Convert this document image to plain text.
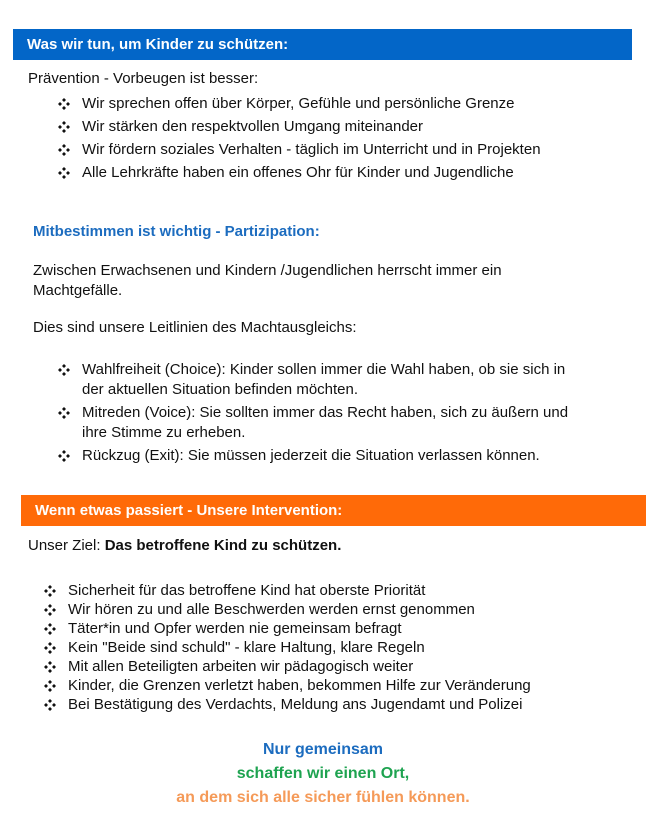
Was wir tun, um Kinder zu schützen:
Prävention - Vorbeugen ist besser:
Wir sprechen offen über Körper, Gefühle und persönliche Grenze
Wir stärken den respektvollen Umgang miteinander
Wir fördern soziales Verhalten - täglich im Unterricht und in Projekten
Alle Lehrkräfte haben ein offenes Ohr für Kinder und Jugendliche
Mitbestimmen ist wichtig - Partizipation:
Zwischen Erwachsenen und Kindern /Jugendlichen herrscht immer ein
Machtgefälle.
Dies sind unsere Leitlinien des Machtausgleichs:
Wahlfreiheit (Choice): Kinder sollen immer die Wahl haben, ob sie sich in
der aktuellen Situation befinden möchten.
Mitreden (Voice): Sie sollten immer das Recht haben, sich zu äußern und
ihre Stimme zu erheben.
Rückzug (Exit): Sie müssen jederzeit die Situation verlassen können.
Wenn etwas passiert - Unsere Intervention:
Unser Ziel: Das betroffene Kind zu schützen.
Sicherheit für das betroffene Kind hat oberste Priorität
Wir hören zu und alle Beschwerden werden ernst genommen
Täter*in und Opfer werden nie gemeinsam befragt
Kein "Beide sind schuld" - klare Haltung, klare Regeln
Mit allen Beteiligten arbeiten wir pädagogisch weiter
Kinder, die Grenzen verletzt haben, bekommen Hilfe zur Veränderung
Bei Bestätigung des Verdachts, Meldung ans Jugendamt und Polizei
Nur gemeinsam
schaffen wir einen Ort,
an dem sich alle sicher fühlen können.
